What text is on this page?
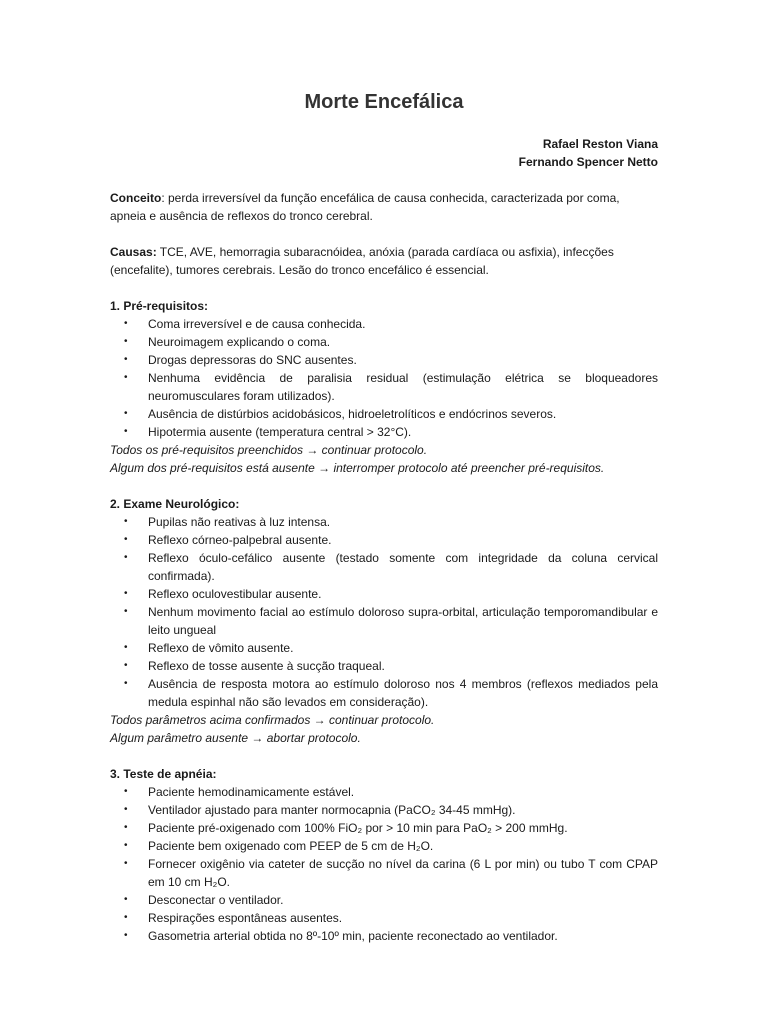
Morte Encefálica
Rafael Reston Viana
Fernando Spencer Netto

Conceito: perda irreversível da função encefálica de causa conhecida, caracterizada por coma, apneia e ausência de reflexos do tronco cerebral.

Causas: TCE, AVE, hemorragia subaracnóidea, anóxia (parada cardíaca ou asfixia), infecções (encefalite), tumores cerebrais. Lesão do tronco encefálico é essencial.

1. Pré-requisitos:

• Coma irreversível e de causa conhecida.
• Neuroimagem explicando o coma.
• Drogas depressoras do SNC ausentes.
• Nenhuma evidência de paralisia residual (estimulação elétrica se bloqueadores neuromusculares foram utilizados).
• Ausência de distúrbios acidobásicos, hidroeletrolíticos e endócrinos severos.
• Hipotermia ausente (temperatura central > 32°C).

Todos os pré-requisitos preenchidos → continuar protocolo.

Algum dos pré-requisitos está ausente → interromper protocolo até preencher pré-requisitos.

2. Exame Neurológico:

• Pupilas não reativas à luz intensa.
• Reflexo córneo-palpebral ausente.
• Reflexo óculo-cefálico ausente (testado somente com integridade da coluna cervical confirmada).
• Reflexo oculovestibular ausente.
• Nenhum movimento facial ao estímulo doloroso supra-orbital, articulação temporomandibular e leito ungueal
• Reflexo de vômito ausente.
• Reflexo de tosse ausente à sucção traqueal.
• Ausência de resposta motora ao estímulo doloroso nos 4 membros (reflexos mediados pela medula espinhal não são levados em consideração).

Todos parâmetros acima confirmados → continuar protocolo.

Algum parâmetro ausente → abortar protocolo.

3. Teste de apnéia:

• Paciente hemodinamicamente estável.
• Ventilador ajustado para manter normocapnia (PaCO₂ 34-45 mmHg).
• Paciente pré-oxigenado com 100% FiO₂ por > 10 min para PaO₂ > 200 mmHg.
• Paciente bem oxigenado com PEEP de 5 cm de H₂O.
• Fornecer oxigênio via cateter de sucção no nível da carina (6 L por min) ou tubo T com CPAP em 10 cm H₂O.
• Desconectar o ventilador.
• Respirações espontâneas ausentes.
• Gasometria arterial obtida no 8º-10º min, paciente reconectado ao ventilador.
